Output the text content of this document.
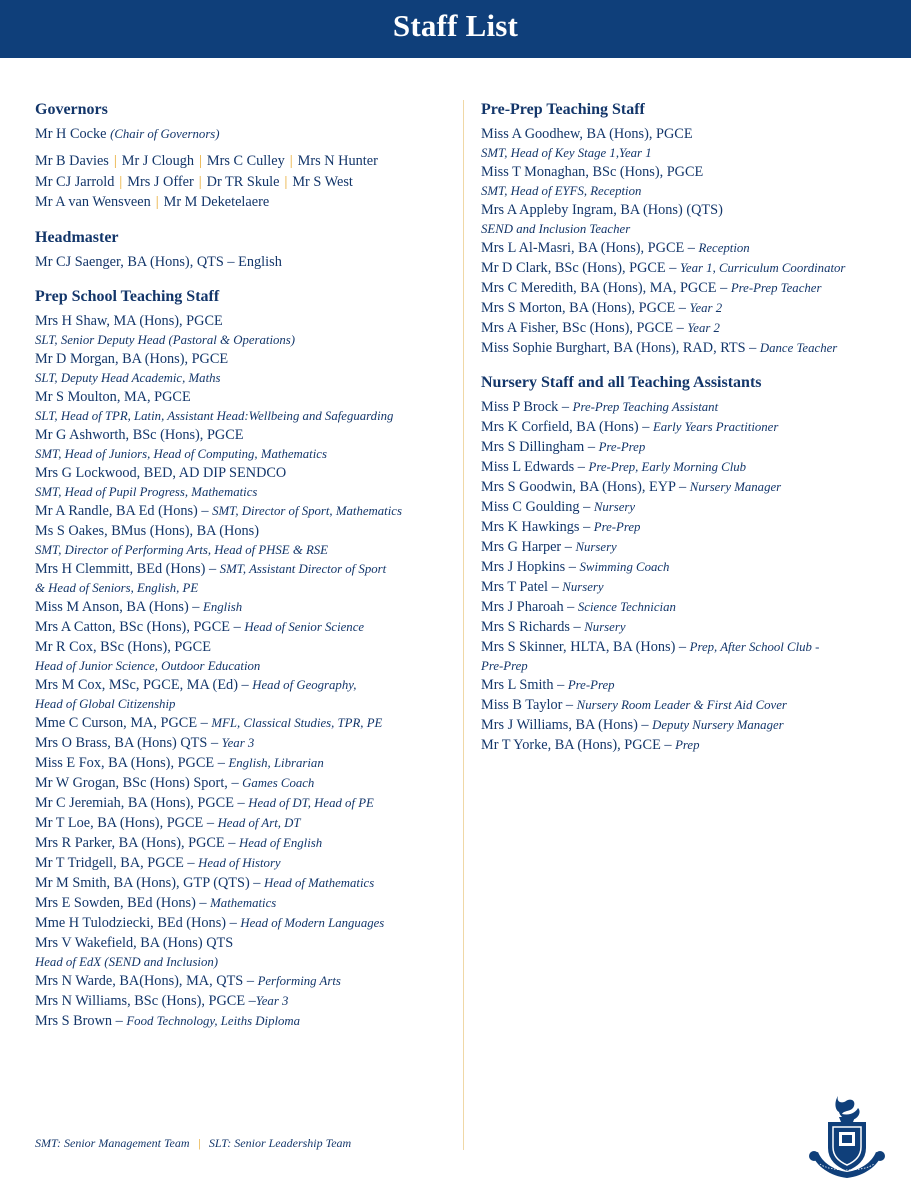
Staff List
Governors
Mr H Cocke (Chair of Governors)
Mr B Davies | Mr J Clough | Mrs C Culley | Mrs N Hunter
Mr CJ Jarrold | Mrs J Offer | Dr TR Skule | Mr S West
Mr A van Wensveen | Mr M Deketelaere
Headmaster
Mr CJ Saenger, BA (Hons), QTS – English
Prep School Teaching Staff
Mrs H Shaw, MA (Hons), PGCE
SLT, Senior Deputy Head (Pastoral & Operations)
Mr D Morgan, BA (Hons), PGCE
SLT, Deputy Head Academic, Maths
Mr S Moulton, MA, PGCE
SLT, Head of TPR, Latin, Assistant Head:Wellbeing and Safeguarding
Mr G Ashworth, BSc (Hons), PGCE
SMT, Head of Juniors, Head of Computing, Mathematics
Mrs G Lockwood, BED, AD DIP SENDCO
SMT, Head of Pupil Progress, Mathematics
Mr A Randle, BA Ed (Hons) – SMT, Director of Sport, Mathematics
Ms S Oakes, BMus (Hons), BA (Hons)
SMT, Director of Performing Arts, Head of PHSE & RSE
Mrs H Clemmitt, BEd (Hons) – SMT, Assistant Director of Sport
& Head of Seniors, English, PE
Miss M Anson, BA (Hons) – English
Mrs A Catton, BSc (Hons), PGCE – Head of Senior Science
Mr R Cox, BSc (Hons), PGCE
Head of Junior Science, Outdoor Education
Mrs M Cox, MSc, PGCE, MA (Ed) – Head of Geography,
Head of Global Citizenship
Mme C Curson, MA, PGCE – MFL, Classical Studies, TPR, PE
Mrs O Brass, BA (Hons) QTS – Year 3
Miss E Fox, BA (Hons), PGCE – English, Librarian
Mr W Grogan, BSc (Hons) Sport, – Games Coach
Mr C Jeremiah, BA (Hons), PGCE – Head of DT, Head of PE
Mr T Loe, BA (Hons), PGCE – Head of Art, DT
Mrs R Parker, BA (Hons), PGCE – Head of English
Mr T Tridgell, BA, PGCE – Head of History
Mr M Smith, BA (Hons), GTP (QTS) – Head of Mathematics
Mrs E Sowden, BEd (Hons) – Mathematics
Mme H Tulodziecki, BEd (Hons) – Head of Modern Languages
Mrs V Wakefield, BA (Hons) QTS
Head of EdX (SEND and Inclusion)
Mrs N Warde, BA(Hons), MA, QTS – Performing Arts
Mrs N Williams, BSc (Hons), PGCE –Year 3
Mrs S Brown – Food Technology, Leiths Diploma
Pre-Prep Teaching Staff
Miss A Goodhew, BA (Hons), PGCE
SMT, Head of Key Stage 1,Year 1
Miss T Monaghan, BSc (Hons), PGCE
SMT, Head of EYFS, Reception
Mrs A Appleby Ingram, BA (Hons) (QTS)
SEND and Inclusion Teacher
Mrs L Al-Masri, BA (Hons), PGCE – Reception
Mr D Clark, BSc (Hons), PGCE – Year 1, Curriculum Coordinator
Mrs C Meredith, BA (Hons), MA, PGCE – Pre-Prep Teacher
Mrs S Morton, BA (Hons), PGCE – Year 2
Mrs A Fisher, BSc (Hons), PGCE – Year 2
Miss Sophie Burghart, BA (Hons), RAD, RTS – Dance Teacher
Nursery Staff and all Teaching Assistants
Miss P Brock – Pre-Prep Teaching Assistant
Mrs K Corfield, BA (Hons) – Early Years Practitioner
Mrs S Dillingham – Pre-Prep
Miss L Edwards – Pre-Prep, Early Morning Club
Mrs S Goodwin, BA (Hons), EYP – Nursery Manager
Miss C Goulding – Nursery
Mrs K Hawkings – Pre-Prep
Mrs G Harper – Nursery
Mrs J Hopkins – Swimming Coach
Mrs T Patel – Nursery
Mrs J Pharoah – Science Technician
Mrs S Richards – Nursery
Mrs S Skinner, HLTA, BA (Hons) – Prep, After School Club -
Pre-Prep
Mrs L Smith – Pre-Prep
Miss B Taylor – Nursery Room Leader & First Aid Cover
Mrs J Williams, BA (Hons) – Deputy Nursery Manager
Mr T Yorke, BA (Hons), PGCE – Prep
SMT: Senior Management Team | SLT: Senior Leadership Team
